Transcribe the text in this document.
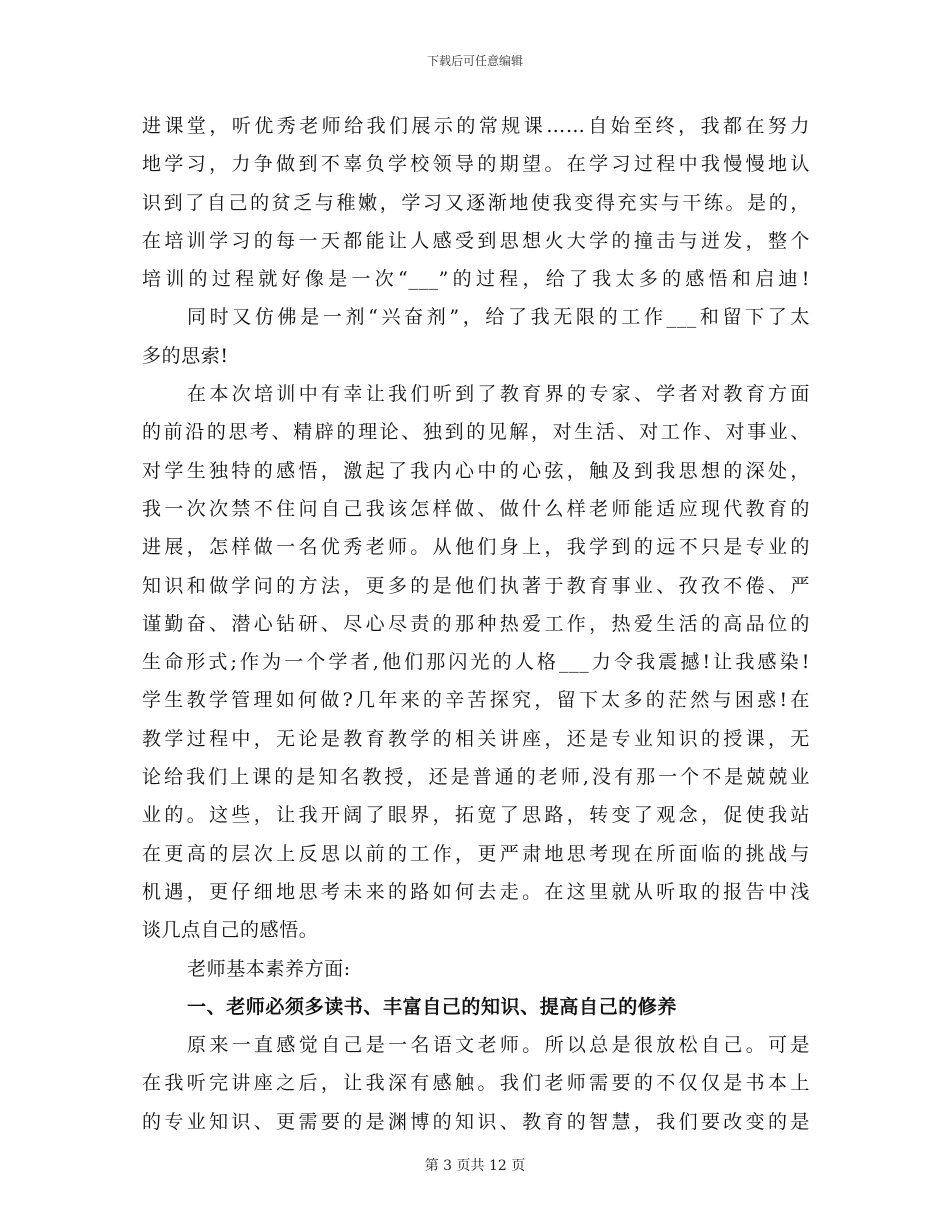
下载后可任意编辑
进课堂，听优秀老师给我们展示的常规课……自始至终，我都在努力
地学习，力争做到不辜负学校领导的期望。在学习过程中我慢慢地认
识到了自己的贫乏与稚嫩，学习又逐渐地使我变得充实与干练。是的，
在培训学习的每一天都能让人感受到思想火大学的撞击与迸发，整个
培训的过程就好像是一次“___”的过程，给了我太多的感悟和启迪!
同时又仿佛是一剂“兴奋剂”，给了我无限的工作___和留下了太
多的思索!
在本次培训中有幸让我们听到了教育界的专家、学者对教育方面
的前沿的思考、精辟的理论、独到的见解，对生活、对工作、对事业、
对学生独特的感悟，激起了我内心中的心弦，触及到我思想的深处，
我一次次禁不住问自己我该怎样做、做什么样老师能适应现代教育的
进展，怎样做一名优秀老师。从他们身上，我学到的远不只是专业的
知识和做学问的方法，更多的是他们执著于教育事业、孜孜不倦、严
谨勤奋、潜心钻研、尽心尽责的那种热爱工作，热爱生活的高品位的
生命形式;作为一个学者,他们那闪光的人格___力令我震撼!让我感染!
学生教学管理如何做?几年来的辛苦探究，留下太多的茫然与困惑!在
教学过程中，无论是教育教学的相关讲座，还是专业知识的授课，无
论给我们上课的是知名教授，还是普通的老师,没有那一个不是兢兢业
业的。这些，让我开阔了眼界，拓宽了思路，转变了观念，促使我站
在更高的层次上反思以前的工作，更严肃地思考现在所面临的挑战与
机遇，更仔细地思考未来的路如何去走。在这里就从听取的报告中浅
谈几点自己的感悟。
老师基本素养方面:
一、老师必须多读书、丰富自己的知识、提高自己的修养
原来一直感觉自己是一名语文老师。所以总是很放松自己。可是
在我听完讲座之后，让我深有感触。我们老师需要的不仅仅是书本上
的专业知识、更需要的是渊博的知识、教育的智慧，我们要改变的是
第 3 页共 12 页
